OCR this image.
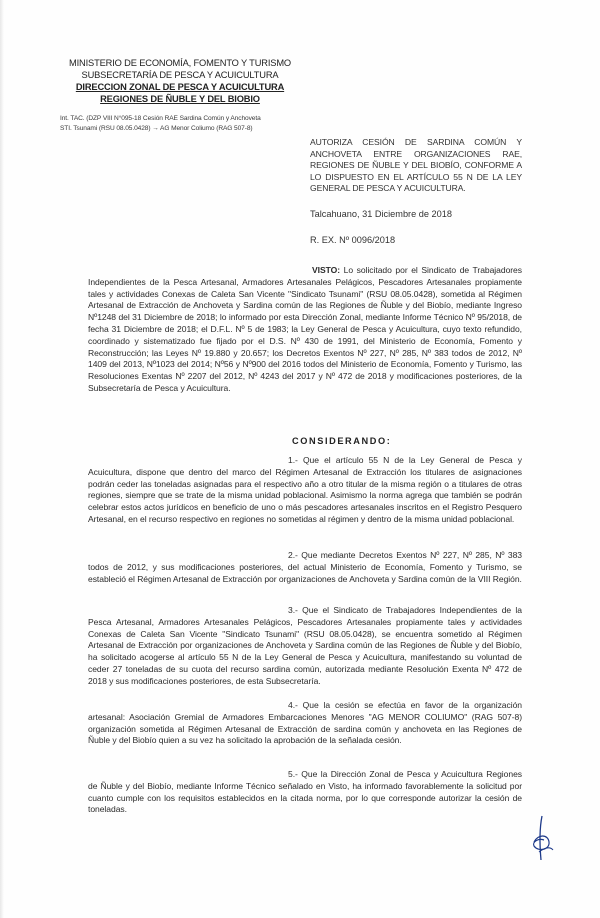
MINISTERIO DE ECONOMÍA, FOMENTO Y TURISMO
SUBSECRETARÍA DE PESCA Y ACUICULTURA
DIRECCION ZONAL DE PESCA Y ACUICULTURA
REGIONES DE ÑUBLE Y DEL BIOBIO
Int. TAC. (DZP VIII N°095-18 Cesión RAE Sardina Común y Anchoveta
STI. Tsunami (RSU 08.05.0428) → AG Menor Coliumo (RAG 507-8)
AUTORIZA CESIÓN DE SARDINA COMÚN Y ANCHOVETA ENTRE ORGANIZACIONES RAE, REGIONES DE ÑUBLE Y DEL BIOBÍO, CONFORME A LO DISPUESTO EN EL ARTÍCULO 55 N DE LA LEY GENERAL DE PESCA Y ACUICULTURA.
Talcahuano, 31 Diciembre de 2018
R. EX. Nº 0096/2018
VISTO: Lo solicitado por el Sindicato de Trabajadores Independientes de la Pesca Artesanal, Armadores Artesanales Pelágicos, Pescadores Artesanales propiamente tales y actividades Conexas de Caleta San Vicente "Sindicato Tsunami" (RSU 08.05.0428), sometida al Régimen Artesanal de Extracción de Anchoveta y Sardina común de las Regiones de Ñuble y del Biobío, mediante Ingreso Nº1248 del 31 Diciembre de 2018; lo informado por esta Dirección Zonal, mediante Informe Técnico Nº 95/2018, de fecha 31 Diciembre de 2018; el D.F.L. Nº 5 de 1983; la Ley General de Pesca y Acuicultura, cuyo texto refundido, coordinado y sistematizado fue fijado por el D.S. Nº 430 de 1991, del Ministerio de Economía, Fomento y Reconstrucción; las Leyes Nº 19.880 y 20.657; los Decretos Exentos Nº 227, Nº 285, Nº 383 todos de 2012, Nº 1409 del 2013, Nº1023 del 2014; Nº56 y Nº900 del 2016 todos del Ministerio de Economía, Fomento y Turismo, las Resoluciones Exentas Nº 2207 del 2012, Nº 4243 del 2017 y Nº 472 de 2018 y modificaciones posteriores, de la Subsecretaría de Pesca y Acuicultura.
CONSIDERANDO:
1.- Que el artículo 55 N de la Ley General de Pesca y Acuicultura, dispone que dentro del marco del Régimen Artesanal de Extracción los titulares de asignaciones podrán ceder las toneladas asignadas para el respectivo año a otro titular de la misma región o a titulares de otras regiones, siempre que se trate de la misma unidad poblacional. Asimismo la norma agrega que también se podrán celebrar estos actos jurídicos en beneficio de uno o más pescadores artesanales inscritos en el Registro Pesquero Artesanal, en el recurso respectivo en regiones no sometidas al régimen y dentro de la misma unidad poblacional.
2.- Que mediante Decretos Exentos Nº 227, Nº 285, Nº 383 todos de 2012, y sus modificaciones posteriores, del actual Ministerio de Economía, Fomento y Turismo, se estableció el Régimen Artesanal de Extracción por organizaciones de Anchoveta y Sardina común de la VIII Región.
3.- Que el Sindicato de Trabajadores Independientes de la Pesca Artesanal, Armadores Artesanales Pelágicos, Pescadores Artesanales propiamente tales y actividades Conexas de Caleta San Vicente "Sindicato Tsunami" (RSU 08.05.0428), se encuentra sometido al Régimen Artesanal de Extracción por organizaciones de Anchoveta y Sardina común de las Regiones de Ñuble y del Biobío, ha solicitado acogerse al artículo 55 N de la Ley General de Pesca y Acuicultura, manifestando su voluntad de ceder 27 toneladas de su cuota del recurso sardina común, autorizada mediante Resolución Exenta Nº 472 de 2018 y sus modificaciones posteriores, de esta Subsecretaría.
4.- Que la cesión se efectúa en favor de la organización artesanal: Asociación Gremial de Armadores Embarcaciones Menores "AG MENOR COLIUMO" (RAG 507-8) organización sometida al Régimen Artesanal de Extracción de sardina común y anchoveta en las Regiones de Ñuble y del Biobío quien a su vez ha solicitado la aprobación de la señalada cesión.
5.- Que la Dirección Zonal de Pesca y Acuicultura Regiones de Ñuble y del Biobío, mediante Informe Técnico señalado en Visto, ha informado favorablemente la solicitud por cuanto cumple con los requisitos establecidos en la citada norma, por lo que corresponde autorizar la cesión de toneladas.
